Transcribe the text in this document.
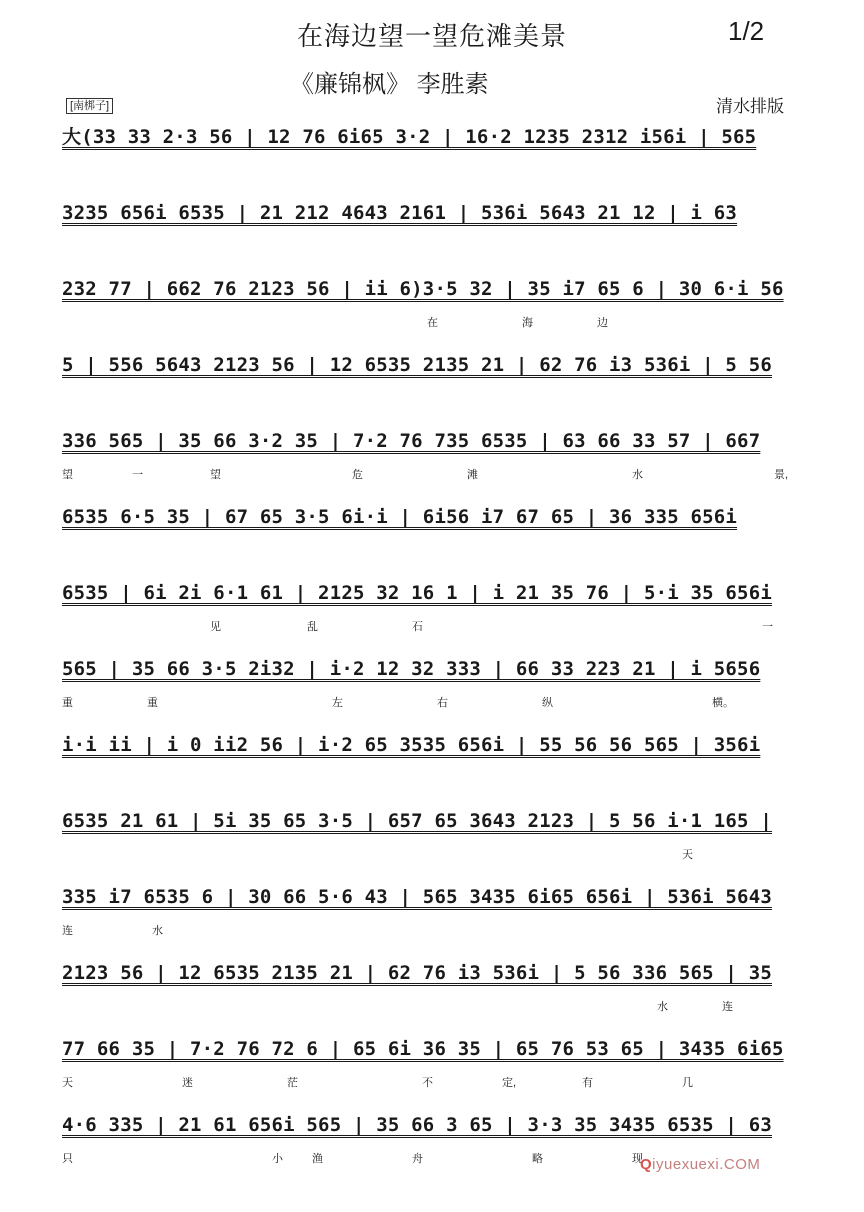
在海边望一望危滩美景	1/2
《廉锦枫》 李胜素
清水排版
[南梆子]
大(33 33 2·3 56 | 12 76 6i65 3·2 | 16·2 1235 2312 i56i | 565
3235 656i 6535 | 21 212 4643 2161 | 536i 5643 21 12 | i 63
232 77 | 662 76 2123 56 | ii 6)3·5 32 | 35 i7 65 6 | 30 6·i 56
在	海	边
5 | 556 5643 2123 56 | 12 6535 2135 21 | 62 76 i3 536i | 5 56
336 565 | 35 66 3·2 35 | 7·2 76 735 6535 | 63 66 33 57 | 667
望	一	望	危	滩	水	景,
6535 6·5 35 | 67 65 3·5 6i·i | 6i56 i7 67 65 | 36 335 656i
6535 | 6i 2i 6·1 61 | 2125 32 16 1 | i 21 35 76 | 5·i 35 656i
见	乱	石	一
565 | 35 66 3·5 2i32 | i·2 12 32 333 | 66 33 223 21 | i 5656
重	重	左	右	纵	横。
i·i ii | i 0 ii2 56 | i·2 65 3535 656i | 55 56 56 565 | 356i
6535 21 61 | 5i 35 65 3·5 | 657 65 3643 2123 | 5 56 i·1 165 |
天
335 i7 6535 6 | 30 66 5·6 43 | 565 3435 6i65 656i | 536i 5643
连	水
2123 56 | 12 6535 2135 21 | 62 76 i3 536i | 5 56 336 565 | 35
水	连
77 66 35 | 7·2 76 72 6 | 65 6i 36 35 | 65 76 53 65 | 3435 6i65
天	迷	茫	不	定,	有	几
4·6 335 | 21 61 656i 565 | 35 66 3 65 | 3·3 35 3435 6535 | 63
只	小	渔	舟	略	现
Qiyuexuexi.COM
